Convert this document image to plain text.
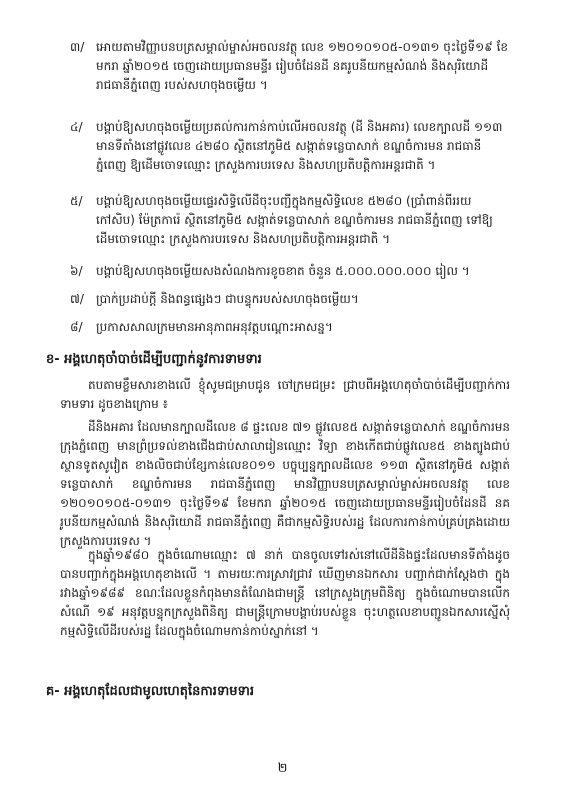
៣/ អោយតាមវិញ្ញាបនបត្រសម្គាល់ម្ចាស់អចលនវត្ថុ លេខ ១២០១០១០៥-០១៣១ ចុះថ្ងៃទី១៩ ខែមករា ឆ្នាំ២០១៥ ចេញដោយប្រធានមន្ទីរ រៀបចំដែនដី នគរូបនីយកម្មសំណង់ និងសុរិយោដី រាជធានីភ្នំពេញ របស់សហចុងចម្លើយ ។
៤/	បង្គាប់ឱ្យសហចុងចម្លើយប្រគល់ការកាន់កាប់លើអចលនវត្ថុ (ដី និងអគារ) លេខក្បាលដី ១១៣ មានទីតាំងនៅផ្លូវលេខ ៤២៨០ ស្ថិតនៅភូមិ៥ សង្កាត់ទន្លេបាសាក់ ខណ្ឌចំការមន រាជធានីភ្នំពេញ ឱ្យដើមចោទឈ្មោះ ក្រសួងការបរទេស និងសហប្រតិបត្តិការអន្តរជាតិ ។
៥/	បង្គាប់ឱ្យសហចុងចម្លើយផ្ទេរសិទ្ធិលើដីចុះបញ្ជីក្នុងកម្មសិទ្ធិលេខ ៥២៨០ (ប្រាំពាន់ពីររយកៅសិប) ម៉ែត្រការ៉េ ស្ថិតនៅភូមិ៥ សង្កាត់ទន្លេបាសាក់ ខណ្ឌចំការមន រាជធានីភ្នំពេញ ទៅឱ្យដើមចោទឈ្មោះ ក្រសួងការបរទេស និងសហប្រតិបត្តិការអន្តរជាតិ ។
៦/	បង្គាប់ឱ្យសហចុងចម្លើយសងសំណងការខូចខាត ចំនួន ៥.០០០.០០០.០០០ រៀល ។
៧/	ប្រាក់ប្រដាប់ក្តី និងពន្ធផ្សេងៗ ជាបន្ទុករបស់សហចុងចម្លើយ។
៨/	ប្រកាសសាលក្រមមានអានុភាពអនុវត្តបណ្តោះអាសន្ន។
ខ- អង្គហេតុចាំបាច់ដើម្បីបញ្ជាក់នូវការទាមទារ
តបតាមខ្លឹមសារខាងលើ ខ្ញុំសូមជម្រាបជូន ចៅក្រមជម្រះ ជ្រាបពីអង្គហេតុចាំបាច់ដើម្បីបញ្ជាក់ការទាមទារ ដូចខាងក្រោម ៖
ដីនិងអគារ ដែលមានក្បាលដីលេខ ៨ ផ្ទះលេខ ៧១ ផ្លូវលេខ៥ សង្កាត់ទន្លេបាសាក់ ខណ្ឌចំការមន ក្រុងភ្នំពេញ មានព្រំប្រទល់ខាងជើងជាប់សាលារៀនឈ្មោះ វិទ្យា ខាងកើតជាប់ផ្លូវលេខ៥ ខាងត្បូងជាប់ស្ថានទូតសូវៀត ខាងលិចជាប់ខ្សែកាន់លេខ០១១ បច្ចុប្បន្នក្បាលដីលេខ ១១៣ ស្ថិតនៅភូមិ៥ សង្កាត់ទន្លេបាសាក់ ខណ្ឌចំការមន រាជធានីភ្នំពេញ មានវិញ្ញាបនបត្រសម្គាល់ម្ចាស់អចលនវត្ថុ លេខ ១២០១០១០៥-០១៣១ ចុះថ្ងៃទី១៩ ខែមករា ឆ្នាំ២០១៥ ចេញដោយប្រធានមន្ទីររៀបចំដែនដី នគរូបនីយកម្មសំណង់ និងសុរិយោដី រាជធានីភ្នំពេញ គឺជាកម្មសិទ្ធិរបស់រដ្ឋ ដែលការកាន់កាប់គ្រប់គ្រងដោយក្រសួងការបរទេស ។
ក្នុងឆ្នាំ១៩៨០ ក្នុងចំណោមឈ្មោះ ៧ នាក់ បានចូលទៅរស់នៅលើដីនិងផ្ទះដែលមានទីតាំងដូចបានបញ្ជាក់ក្នុងអង្គហេតុខាងលើ ។ តាមរយៈការស្រាវជ្រាវ ឃើញមានឯកសារ បញ្ជាក់ជាក់ស្តែងថា ក្នុងរវាងឆ្នាំ១៩៨៩ ខណៈដែលខ្លួនកំពុងមានតំណែងជាមន្ត្រី នៅក្រសួងក្រុមពិនិត្យ ក្នុងចំណោមបានលើកសំណើ ១៩ អនុវត្តបន្ទុកក្រសួងពិនិត្យ ជាមន្ត្រីក្រោមបង្គាប់របស់ខ្លួន ចុះហត្ថលេខាបញ្ជូនឯកសារស្នើសុំកម្មសិទ្ធិលើដីរបស់រដ្ឋ ដែលក្នុងចំណោមកាន់កាប់ស្នាក់នៅ ។
គ- អង្គហេតុដែលជាមូលហេតុនៃការទាមទារ
២
